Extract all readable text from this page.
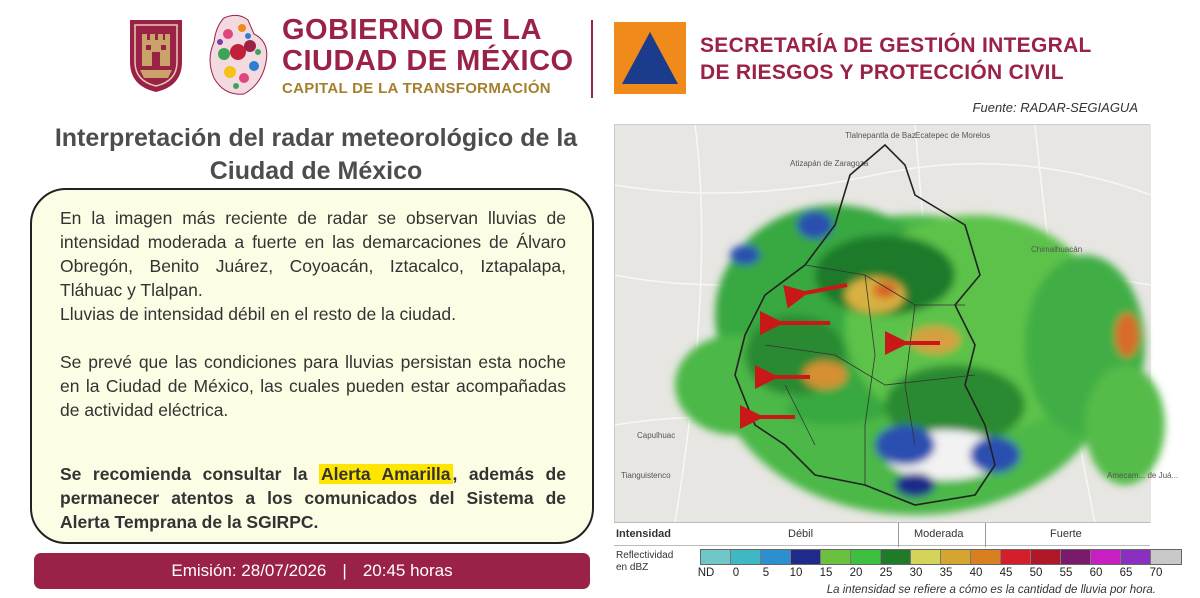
GOBIERNO DE LA
CIUDAD DE MÉXICO
CAPITAL DE LA TRANSFORMACIÓN
SECRETARÍA DE GESTIÓN INTEGRAL
DE RIESGOS Y PROTECCIÓN CIVIL
Fuente: RADAR-SEGIAGUA
Interpretación del radar meteorológico de la
Ciudad de México

En la imagen más reciente de radar se observan lluvias de intensidad moderada a fuerte en las demarcaciones de Álvaro Obregón, Benito Juárez, Coyoacán, Iztacalco, Iztapalapa, Tláhuac y Tlalpan.

Lluvias de intensidad débil en el resto de la ciudad.

Se prevé que las condiciones para lluvias persistan esta noche en la Ciudad de México, las cuales pueden estar acompañadas de actividad eléctrica.

Se recomienda consultar la Alerta Amarilla , además de permanecer atentos a los comunicados del Sistema de Alerta Temprana de la SGIRPC.

Emisión: 28/07/2026 | 20:45 horas
Ecatepec de Morelos
Atizapán de Zaragoza
Tlalnepantla de Baz
Chimalhuacán
Capulhuac
Tianguistenco	Amecam... de Juá...
Intensidad	Débil	Moderada	Fuerte
Reflectividad
en dBZ	ND 0 5 10 15 20 25 30 35 40 45 50 55 60 65 70
La intensidad se refiere a cómo es la cantidad de lluvia por hora.
